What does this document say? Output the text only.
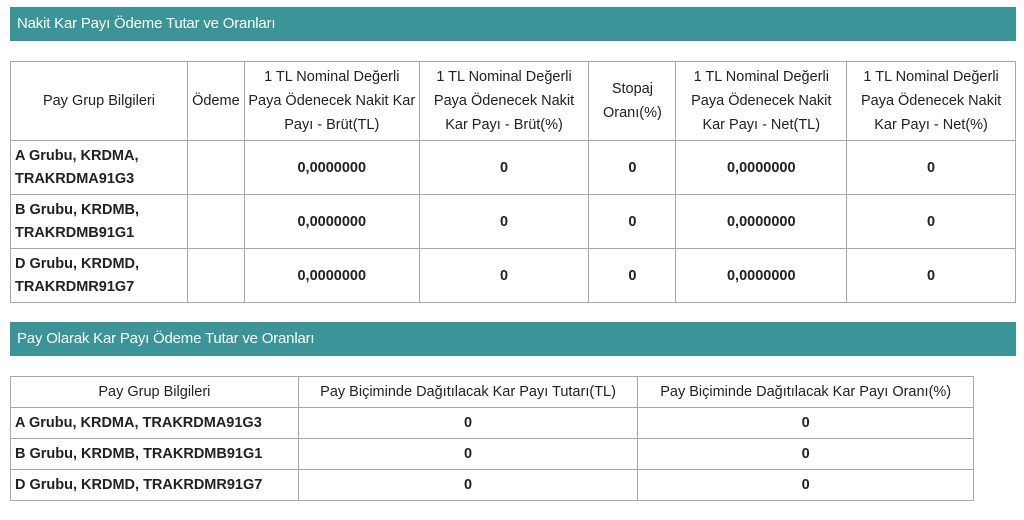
Nakit Kar Payı Ödeme Tutar ve Oranları
Pay Grup Bilgileri	Ödeme	1 TL Nominal Değerli Paya Ödenecek Nakit Kar Payı - Brüt(TL)	1 TL Nominal Değerli Paya Ödenecek Nakit Kar Payı - Brüt(%)	Stopaj Oranı(%)	1 TL Nominal Değerli Paya Ödenecek Nakit Kar Payı - Net(TL)	1 TL Nominal Değerli Paya Ödenecek Nakit Kar Payı - Net(%)
A Grubu, KRDMA,
TRAKRDMA91G3		0,0000000	0	0	0,0000000	0
B Grubu, KRDMB,
TRAKRDMB91G1		0,0000000	0	0	0,0000000	0
D Grubu, KRDMD,
TRAKRDMR91G7		0,0000000	0	0	0,0000000	0
Pay Olarak Kar Payı Ödeme Tutar ve Oranları
Pay Grup Bilgileri	Pay Biçiminde Dağıtılacak Kar Payı Tutarı(TL)	Pay Biçiminde Dağıtılacak Kar Payı Oranı(%)
A Grubu, KRDMA, TRAKRDMA91G3	0	0
B Grubu, KRDMB, TRAKRDMB91G1	0	0
D Grubu, KRDMD, TRAKRDMR91G7	0	0
